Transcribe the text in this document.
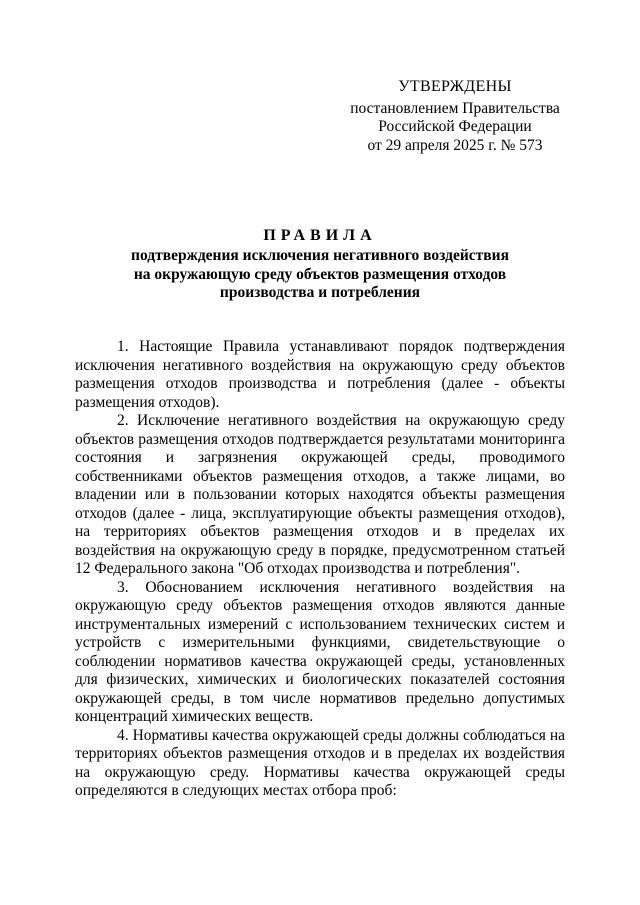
УТВЕРЖДЕНЫ
постановлением Правительства
Российской Федерации
от 29 апреля 2025 г. № 573
ПРАВИЛА
подтверждения исключения негативного воздействия
на окружающую среду объектов размещения отходов
производства и потребления

1. Настоящие Правила устанавливают порядок подтверждения исключения негативного воздействия на окружающую среду объектов размещения отходов производства и потребления (далее - объекты размещения отходов).

2. Исключение негативного воздействия на окружающую среду объектов размещения отходов подтверждается результатами мониторинга состояния и загрязнения окружающей среды, проводимого собственниками объектов размещения отходов, а также лицами, во владении или в пользовании которых находятся объекты размещения отходов (далее - лица, эксплуатирующие объекты размещения отходов), на территориях объектов размещения отходов и в пределах их воздействия на окружающую среду в порядке, предусмотренном статьей 12 Федерального закона "Об отходах производства и потребления".

3. Обоснованием исключения негативного воздействия на окружающую среду объектов размещения отходов являются данные инструментальных измерений с использованием технических систем и устройств с измерительными функциями, свидетельствующие о соблюдении нормативов качества окружающей среды, установленных для физических, химических и биологических показателей состояния окружающей среды, в том числе нормативов предельно допустимых концентраций химических веществ.

4. Нормативы качества окружающей среды должны соблюдаться на территориях объектов размещения отходов и в пределах их воздействия на окружающую среду. Нормативы качества окружающей среды определяются в следующих местах отбора проб:
